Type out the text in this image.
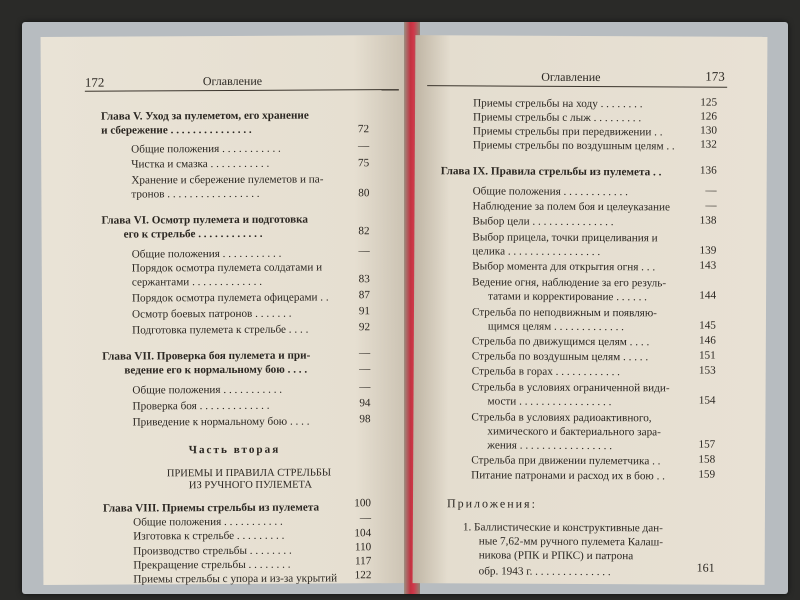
172	Оглавление
Глава V. Уход за пулеметом, его хранение
и сбережение . . . . . . . . . . . . . . .	72
Общие положения . . . . . . . . . . .	—
Чистка и смазка . . . . . . . . . . .	75
Хранение и сбережение пулеметов и па-
тронов . . . . . . . . . . . . . . . . .	80
Глава VI. Осмотр пулемета и подготовка
его к стрельбе . . . . . . . . . . . .	82
Общие положения . . . . . . . . . . .	—
Порядок осмотра пулемета солдатами и
сержантами . . . . . . . . . . . . .	83
Порядок осмотра пулемета офицерами . .	87
Осмотр боевых патронов . . . . . . .	91
Подготовка пулемета к стрельбе . . . .	92
Глава VII. Проверка боя пулемета и при-	—
ведение его к нормальному бою . . . .	—
Общие положения . . . . . . . . . . .	—
Проверка боя . . . . . . . . . . . . .	94
Приведение к нормальному бою . . . .	98
Часть вторая
ПРИЕМЫ И ПРАВИЛА СТРЕЛЬБЫ
ИЗ РУЧНОГО ПУЛЕМЕТА
Глава VIII. Приемы стрельбы из пулемета	100
Общие положения . . . . . . . . . . .	—
Изготовка к стрельбе . . . . . . . . .	104
Производство стрельбы . . . . . . . .	110
Прекращение стрельбы . . . . . . . .	117
Приемы стрельбы с упора и из-за укрытий	122
Оглавление	173
Приемы стрельбы на ходу . . . . . . . .	125
Приемы стрельбы с лыж . . . . . . . . .	126
Приемы стрельбы при передвижении . .	130
Приемы стрельбы по воздушным целям . .	132
Глава IX. Правила стрельбы из пулемета . .	136
Общие положения . . . . . . . . . . . .	—
Наблюдение за полем боя и целеуказание	—
Выбор цели . . . . . . . . . . . . . . .	138
Выбор прицела, точки прицеливания и
целика . . . . . . . . . . . . . . . . .	139
Выбор момента для открытия огня . . .	143
Ведение огня, наблюдение за его резуль-
татами и корректирование . . . . . .	144
Стрельба по неподвижным и появляю-
щимся целям . . . . . . . . . . . . .	145
Стрельба по движущимся целям . . . .	146
Стрельба по воздушным целям . . . . .	151
Стрельба в горах . . . . . . . . . . . .	153
Стрельба в условиях ограниченной види-
мости . . . . . . . . . . . . . . . . .	154
Стрельба в условиях радиоактивного,
химического и бактериального зара-
жения . . . . . . . . . . . . . . . . .	157
Стрельба при движении пулеметчика . .	158
Питание патронами и расход их в бою . .	159
Приложения:
1. Баллистические и конструктивные дан-
ные 7,62-мм ручного пулемета Калаш-
никова (РПК и РПКС) и патрона
обр. 1943 г. . . . . . . . . . . . . . .	161
